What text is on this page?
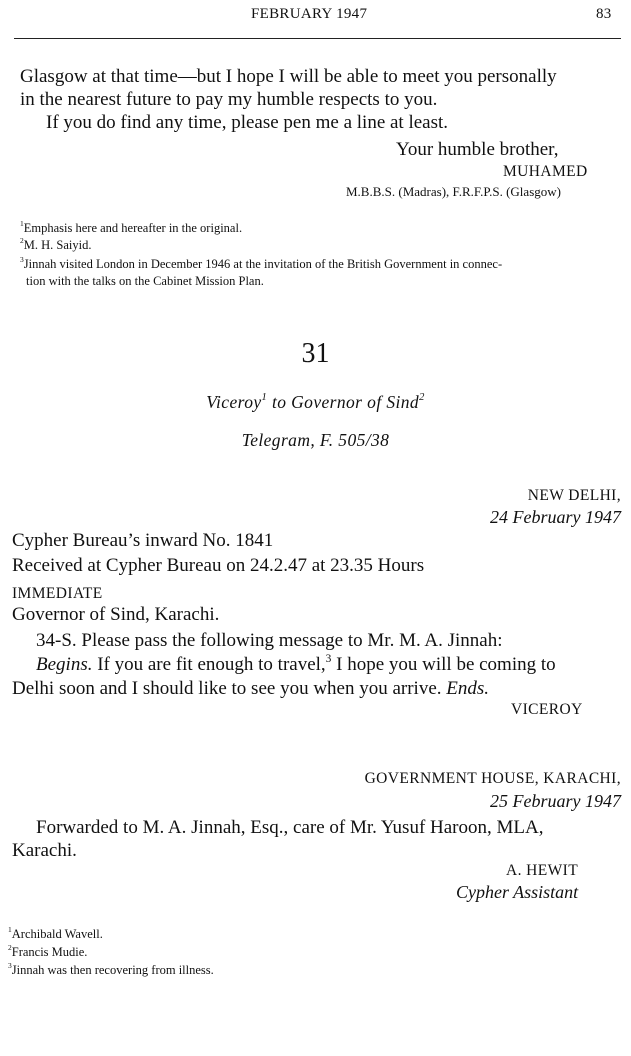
FEBRUARY 1947	83
Glasgow at that time—but I hope I will be able to meet you personally
in the nearest future to pay my humble respects to you.
If you do find any time, please pen me a line at least.
Your humble brother,
MUHAMED
M.B.B.S. (Madras), F.R.F.P.S. (Glasgow)
$^1$Emphasis here and hereafter in the original.
$^2$M. H. Saiyid.
$^3$Jinnah visited London in December 1946 at the invitation of the British Government in connec-
tion with the talks on the Cabinet Mission Plan.
31
Viceroy$^1$ to Governor of Sind$^2$
Telegram, F. 505/38
NEW DELHI,
24 February 1947
Cypher Bureau’s inward No. 1841
Received at Cypher Bureau on 24.2.47 at 23.35 Hours
IMMEDIATE
Governor of Sind, Karachi.
34-S. Please pass the following message to Mr. M. A. Jinnah:
Begins. If you are fit enough to travel,$^3$ I hope you will be coming to
Delhi soon and I should like to see you when you arrive. Ends.
VICEROY
GOVERNMENT HOUSE, KARACHI,
25 February 1947
Forwarded to M. A. Jinnah, Esq., care of Mr. Yusuf Haroon, MLA,
Karachi.
A. HEWIT
Cypher Assistant
$^1$Archibald Wavell.
$^2$Francis Mudie.
$^3$Jinnah was then recovering from illness.
